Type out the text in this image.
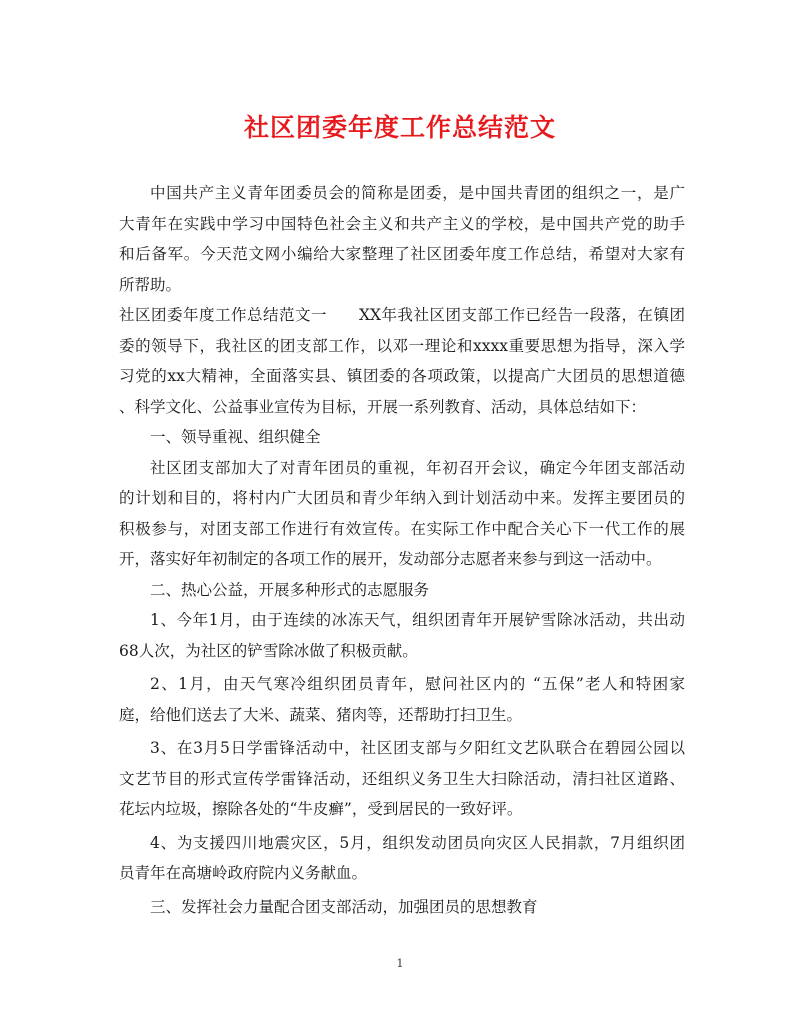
社区团委年度工作总结范文
中国共产主义青年团委员会的简称是团委，是中国共青团的组织之一，是广
大青年在实践中学习中国特色社会主义和共产主义的学校，是中国共产党的助手
和后备军。今天范文网小编给大家整理了社区团委年度工作总结，希望对大家有
所帮助。
社区团委年度工作总结范文一　　XX年我社区团支部工作已经告一段落，在镇团
委的领导下，我社区的团支部工作，以邓一理论和xxxx重要思想为指导，深入学
习党的xx大精神，全面落实县、镇团委的各项政策，以提高广大团员的思想道德
、科学文化、公益事业宣传为目标，开展一系列教育、活动，具体总结如下：
一、领导重视、组织健全
社区团支部加大了对青年团员的重视，年初召开会议，确定今年团支部活动
的计划和目的，将村内广大团员和青少年纳入到计划活动中来。发挥主要团员的
积极参与，对团支部工作进行有效宣传。在实际工作中配合关心下一代工作的展
开，落实好年初制定的各项工作的展开，发动部分志愿者来参与到这一活动中。
二、热心公益，开展多种形式的志愿服务
1、今年1月，由于连续的冰冻天气，组织团青年开展铲雪除冰活动，共出动
68人次，为社区的铲雪除冰做了积极贡献。
2、1月，由天气寒冷组织团员青年，慰问社区内的 “五保”老人和特困家
庭，给他们送去了大米、蔬菜、猪肉等，还帮助打扫卫生。
3、在3月5日学雷锋活动中，社区团支部与夕阳红文艺队联合在碧园公园以
文艺节目的形式宣传学雷锋活动，还组织义务卫生大扫除活动，清扫社区道路、
花坛内垃圾，擦除各处的“牛皮癣”，受到居民的一致好评。
4、为支援四川地震灾区，5月，组织发动团员向灾区人民捐款，7月组织团
员青年在高塘岭政府院内义务献血。
三、发挥社会力量配合团支部活动，加强团员的思想教育
1
